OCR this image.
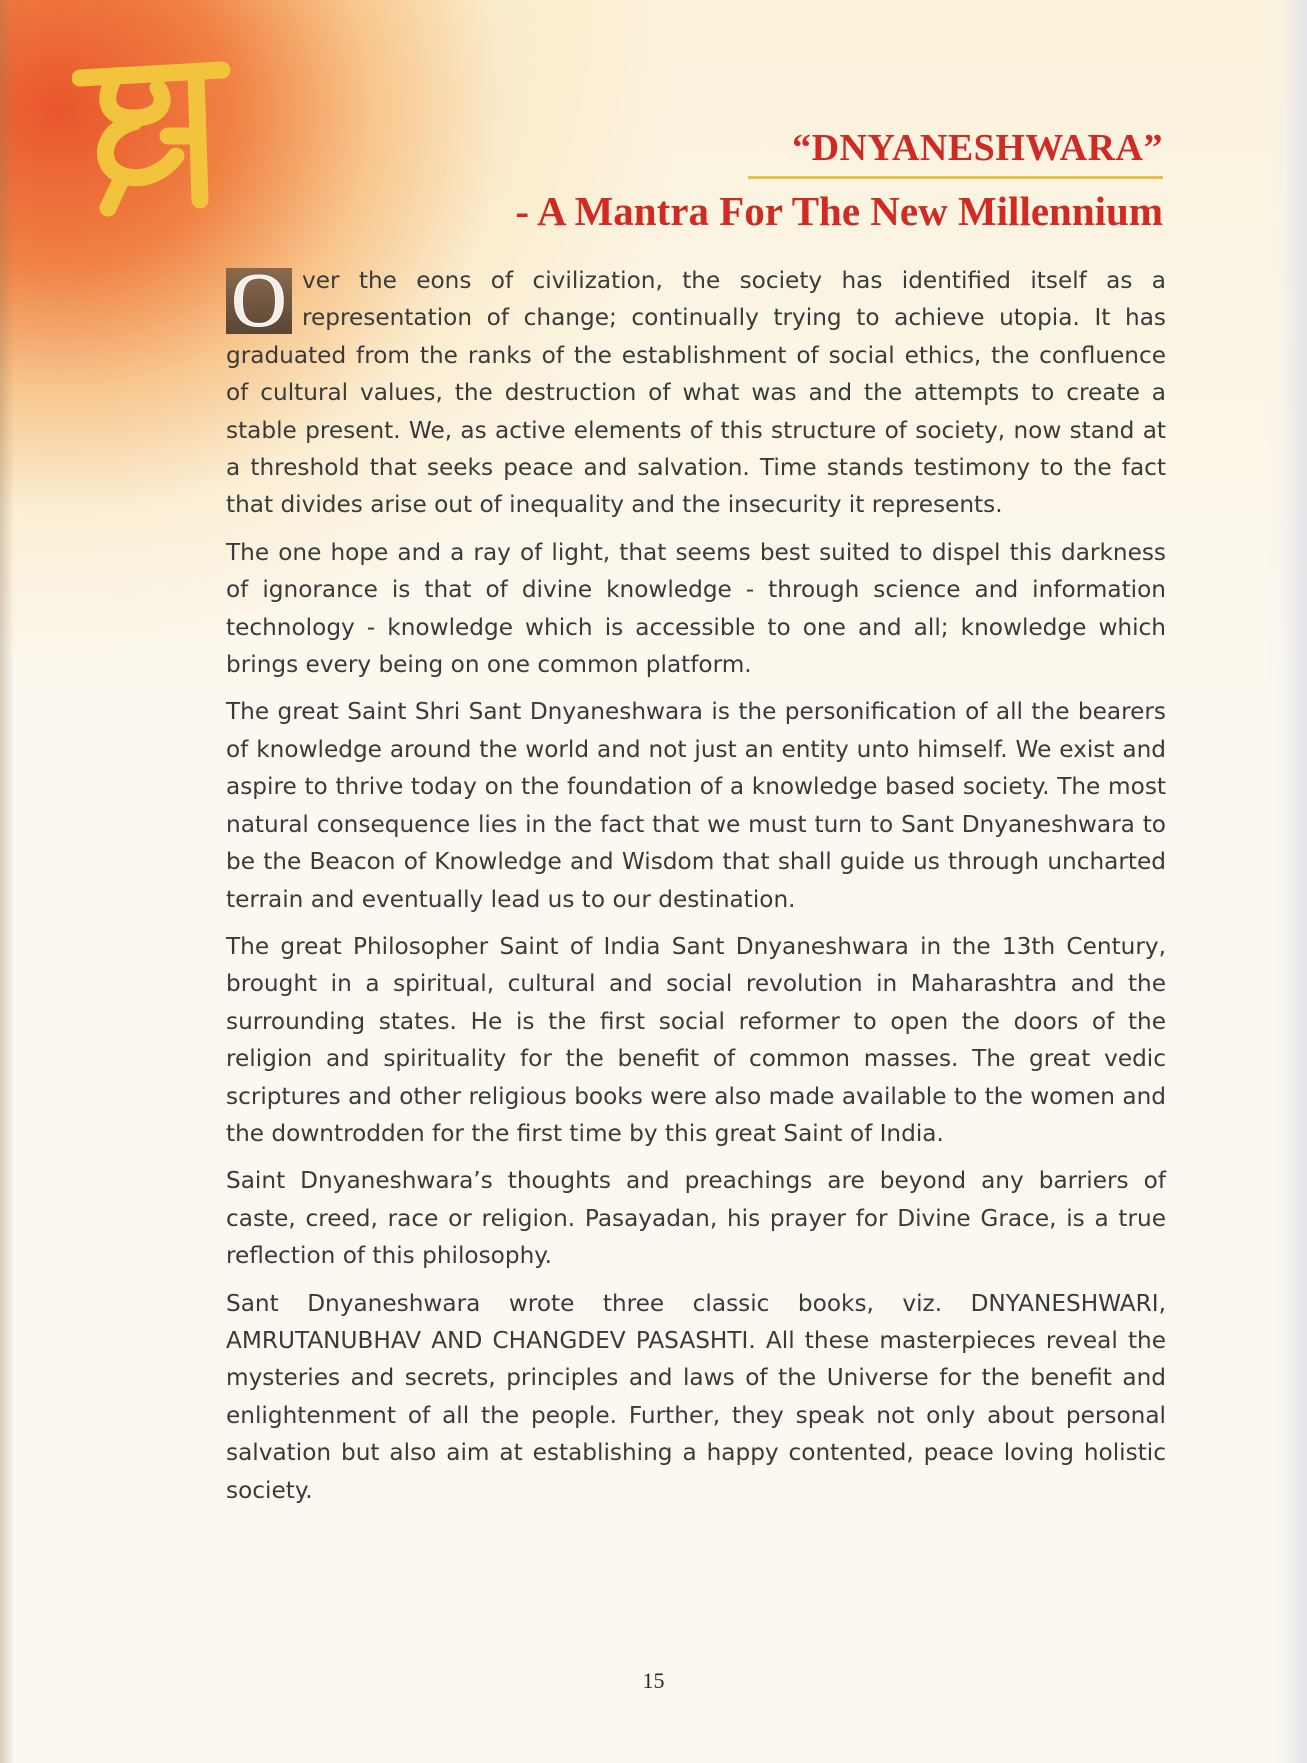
“DNYANESHWARA”
- A Mantra For The New Millennium

O ver the eons of civilization, the society has identified itself as a representation of change; continually trying to achieve utopia. It has graduated from the ranks of the establishment of social ethics, the confluence of cultural values, the destruction of what was and the attempts to create a stable present. We, as active elements of this structure of society, now stand at a threshold that seeks peace and salvation. Time stands testimony to the fact that divides arise out of inequality and the insecurity it represents.

The one hope and a ray of light, that seems best suited to dispel this darkness of ignorance is that of divine knowledge - through science and information technology - knowledge which is accessible to one and all; knowledge which brings every being on one common platform.

The great Saint Shri Sant Dnyaneshwara is the personification of all the bearers of knowledge around the world and not just an entity unto himself. We exist and aspire to thrive today on the foundation of a knowledge based society. The most natural consequence lies in the fact that we must turn to Sant Dnyaneshwara to be the Beacon of Knowledge and Wisdom that shall guide us through uncharted terrain and eventually lead us to our destination.

The great Philosopher Saint of India Sant Dnyaneshwara in the 13th Century, brought in a spiritual, cultural and social revolution in Maharashtra and the surrounding states. He is the first social reformer to open the doors of the religion and spirituality for the benefit of common masses. The great vedic scriptures and other religious books were also made available to the women and the downtrodden for the first time by this great Saint of India.

Saint Dnyaneshwara’s thoughts and preachings are beyond any barriers of caste, creed, race or religion. Pasayadan, his prayer for Divine Grace, is a true reflection of this philosophy.

Sant Dnyaneshwara wrote three classic books, viz. DNYANESHWARI, AMRUTANUBHAV AND CHANGDEV PASASHTI. All these masterpieces reveal the mysteries and secrets, principles and laws of the Universe for the benefit and enlightenment of all the people. Further, they speak not only about personal salvation but also aim at establishing a happy contented, peace loving holistic society.

15
